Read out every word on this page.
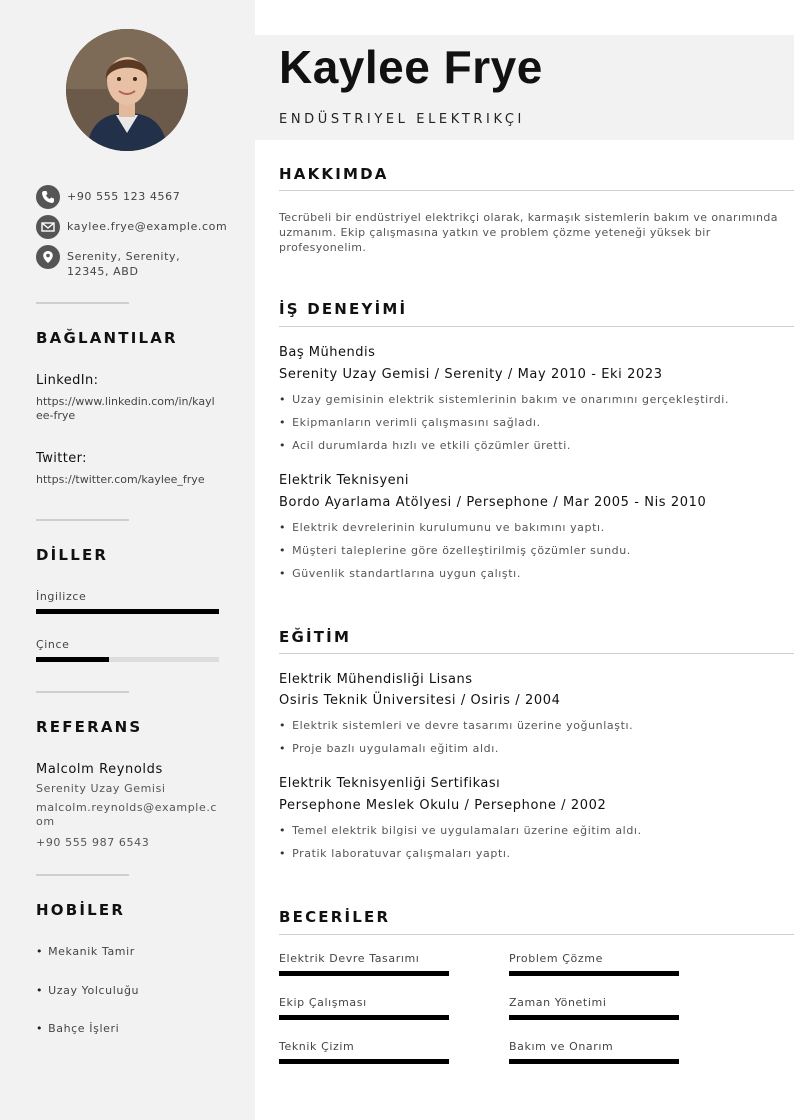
+90 555 123 4567
kaylee.frye@example.com
Serenity, Serenity, 12345, ABD
BAĞLANTILAR
LinkedIn:
https://www.linkedin.com/in/kaylee-frye
Twitter:
https://twitter.com/kaylee_frye
DİLLER
İngilizce
Çince
REFERANS
Malcolm Reynolds
Serenity Uzay Gemisi
malcolm.reynolds@example.com
+90 555 987 6543
HOBİLER
• Mekanik Tamir
• Uzay Yolculuğu
• Bahçe İşleri
Kaylee Frye
ENDÜSTRIYEL ELEKTRIKÇI
HAKKIMDA
Tecrübeli bir endüstriyel elektrikçi olarak, karmaşık sistemlerin bakım ve onarımında uzmanım. Ekip çalışmasına yatkın ve problem çözme yeteneği yüksek bir profesyonelim.
İŞ DENEYİMİ
Baş Mühendis
Serenity Uzay Gemisi / Serenity / May 2010 - Eki 2023
• Uzay gemisinin elektrik sistemlerinin bakım ve onarımını gerçekleştirdi.
• Ekipmanların verimli çalışmasını sağladı.
• Acil durumlarda hızlı ve etkili çözümler üretti.
Elektrik Teknisyeni
Bordo Ayarlama Atölyesi / Persephone / Mar 2005 - Nis 2010
• Elektrik devrelerinin kurulumunu ve bakımını yaptı.
• Müşteri taleplerine göre özelleştirilmiş çözümler sundu.
• Güvenlik standartlarına uygun çalıştı.
EĞİTİM
Elektrik Mühendisliği Lisans
Osiris Teknik Üniversitesi / Osiris / 2004
• Elektrik sistemleri ve devre tasarımı üzerine yoğunlaştı.
• Proje bazlı uygulamalı eğitim aldı.
Elektrik Teknisyenliği Sertifikası
Persephone Meslek Okulu / Persephone / 2002
• Temel elektrik bilgisi ve uygulamaları üzerine eğitim aldı.
• Pratik laboratuvar çalışmaları yaptı.
BECERİLER
Elektrik Devre Tasarımı	Problem Çözme
Ekip Çalışması	Zaman Yönetimi
Teknik Çizim	Bakım ve Onarım
